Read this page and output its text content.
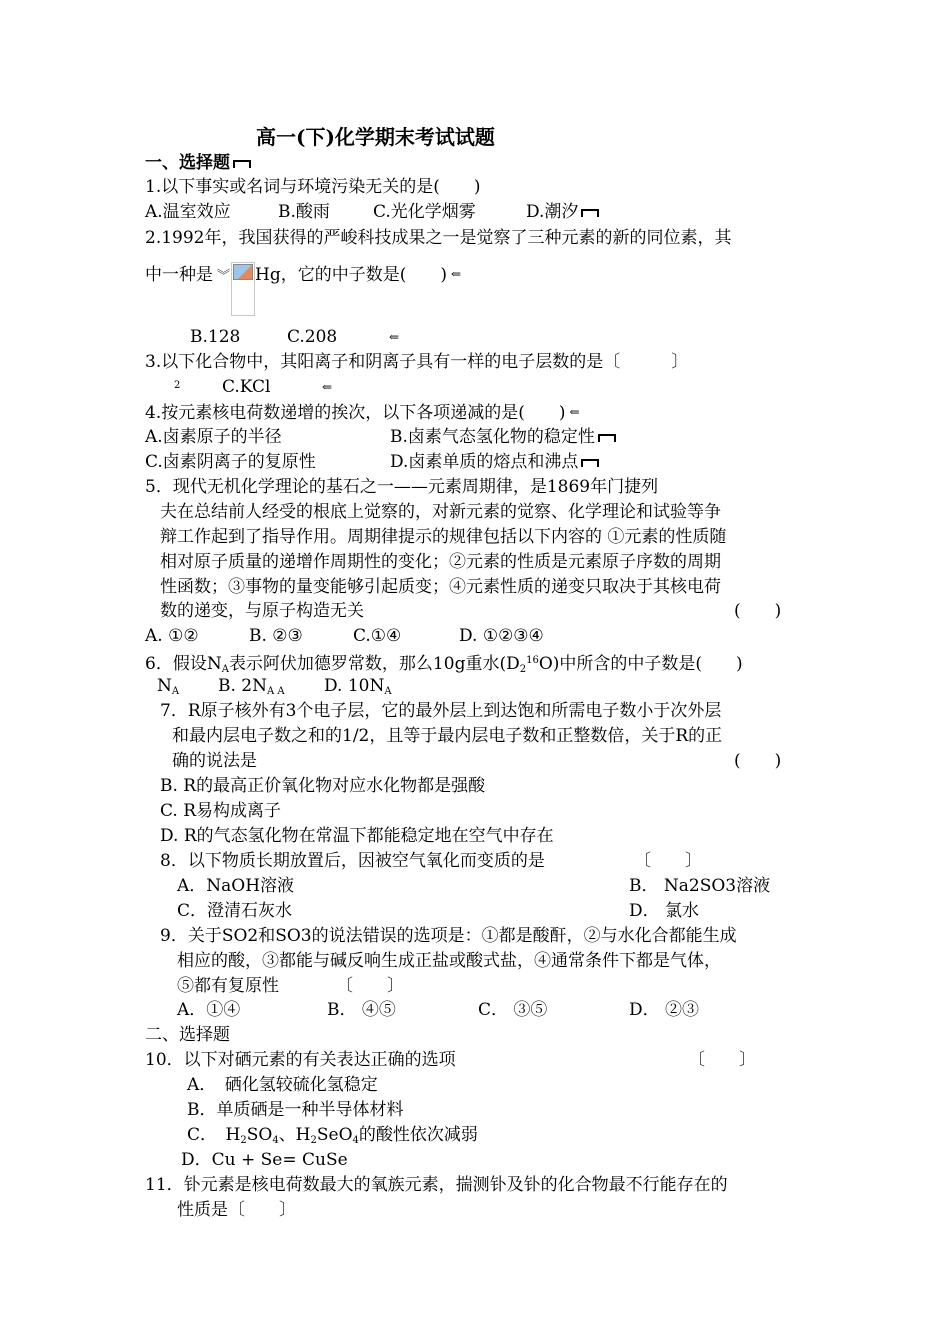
高一(下)化学期末考试试题
一、选择题
1.以下事实或名词与环境污染无关的是(　　)
A.温室效应	B.酸雨	C.光化学烟雾	D.潮汐
2.1992年，我国获得的严峻科技成果之一是觉察了三种元素的新的同位素，其
中一种是 ︾ Hg，它的中子数是(　　) ⇐
B.128	C.208	⇐
3.以下化合物中，其阳离子和阴离子具有一样的电子层数的是〔　　　〕
2 C.KCl	⇐
4.按元素核电荷数递增的挨次，以下各项递减的是(　　) ⇐
A.卤素原子的半径	B.卤素气态氢化物的稳定性
C.卤素阴离子的复原性	D.卤素单质的熔点和沸点
5．现代无机化学理论的基石之一——元素周期律，是1869年门捷列
夫在总结前人经受的根底上觉察的，对新元素的觉察、化学理论和试验等争
辩工作起到了指导作用。周期律提示的规律包括以下内容的 ①元素的性质随
相对原子质量的递增作周期性的变化；②元素的性质是元素原子序数的周期
性函数；③事物的量变能够引起质变；④元素性质的递变只取决于其核电荷
数的递变，与原子构造无关	(　　)
A. ①②	B. ②③	C.①④	D. ①②③④
6．假设$N_A$表示阿伏加德罗常数，那么10g重水$(D_2^{16}O)$中所含的中子数是(　　)
$N_A$ B. $2N_{A A}$ D. $10N_A$
7．R原子核外有3个电子层，它的最外层上到达饱和所需电子数小于次外层
和最内层电子数之和的1/2，且等于最内层电子数和正整数倍，关于R的正
确的说法是	(　　)
B. R的最高正价氧化物对应水化物都是强酸
C. R易构成离子
D. R的气态氢化物在常温下都能稳定地在空气中存在
8．以下物质长期放置后，因被空气氧化而变质的是	〔　　〕
A．NaOH溶液	B． Na2SO3溶液
C．澄清石灰水	D． 氯水
9．关于SO2和SO3的说法错误的选项是：①都是酸酐，②与水化合都能生成
相应的酸，③都能与碱反响生成正盐或酸式盐，④通常条件下都是气体，
⑤都有复原性	〔　　〕
A．①④	B． ④⑤	C． ③⑤	D． ②③
二、选择题
10．以下对硒元素的有关表达正确的选项	〔　　〕
A．　硒化氢较硫化氢稳定
B．单质硒是一种半导体材料
C．　$H_2SO_4$、$H_2SeO_4$的酸性依次减弱
D．Cu + Se= CuSe
11．钋元素是核电荷数最大的氧族元素，揣测钋及钋的化合物最不行能存在的
性质是〔　　〕
